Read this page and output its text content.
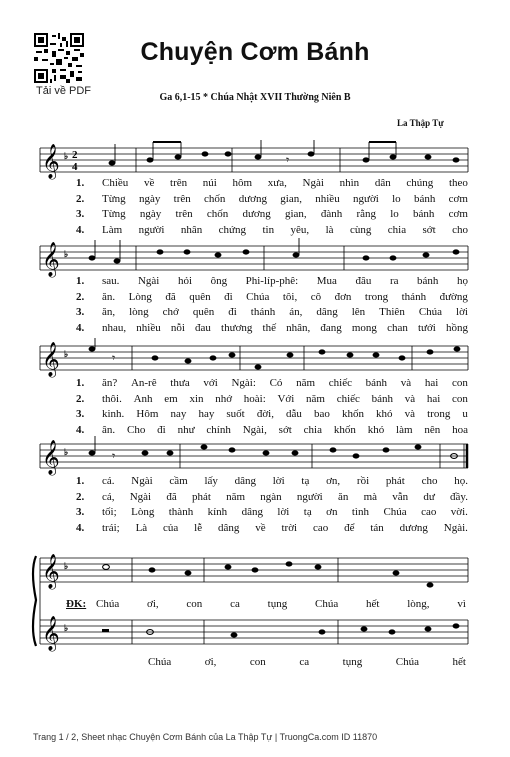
Tải về PDF
Chuyện Cơm Bánh
Ga 6,1-15 * Chúa Nhật XVII Thường Niên B
La Thập Tự
𝄞 ♭ 2
4	𝄾
1.	Chiều về trên núi hôm xưa, Ngài nhìn dân chúng theo
2.	Từng ngày trên chốn dương gian, nhiều người lo bánh cơm
3.	Từng ngày trên chốn dương gian, đành rằng lo bánh cơm
4.	Làm người nhân chứng tin yêu, là cùng chia sớt cho
𝄞 ♭
1.	sau. Ngài hỏi ông Phi-líp-phê: Mua đâu ra bánh họ
2.	ăn. Lòng đã quên đi Chúa tôi, cô đơn trong thánh đường
3.	ăn, lòng chớ quên đi thánh án, dâng lên Thiên Chúa lời
4.	nhau, nhiều nỗi đau thương thế nhân, đang mong chan tưới hồng
𝄞 ♭	𝄾
1.	ăn? An-rê thưa với Ngài: Có năm chiếc bánh và hai con
2.	thôi. Anh em xin nhớ hoài: Với năm chiếc bánh và hai con
3.	kinh. Hôm nay hay suốt đời, dẫu bao khốn khó và trong u
4.	ân. Cho đi như chính Ngài, sớt chia khốn khó làm nên hoa
𝄞 ♭	𝄾
1.	cá. Ngài cầm lấy dâng lời tạ ơn, rồi phát cho họ.
2.	cá, Ngài đã phát năm ngàn người ăn mà vẫn dư đầy.
3.	tối; Lòng thành kính dâng lời tạ ơn tình Chúa cao vời.
4.	trái; Là của lễ dâng về trời cao để tán dương Ngài.
𝄞 ♭
𝄞 ♭
ĐK: Chúa	ơi,	con	ca	tụng	Chúa	hết	lòng,	vì
Chúa	ơi,	con	ca	tụng	Chúa	hết
Trang 1 / 2, Sheet nhạc Chuyện Cơm Bánh của La Thập Tự | TruongCa.com ID 11870
